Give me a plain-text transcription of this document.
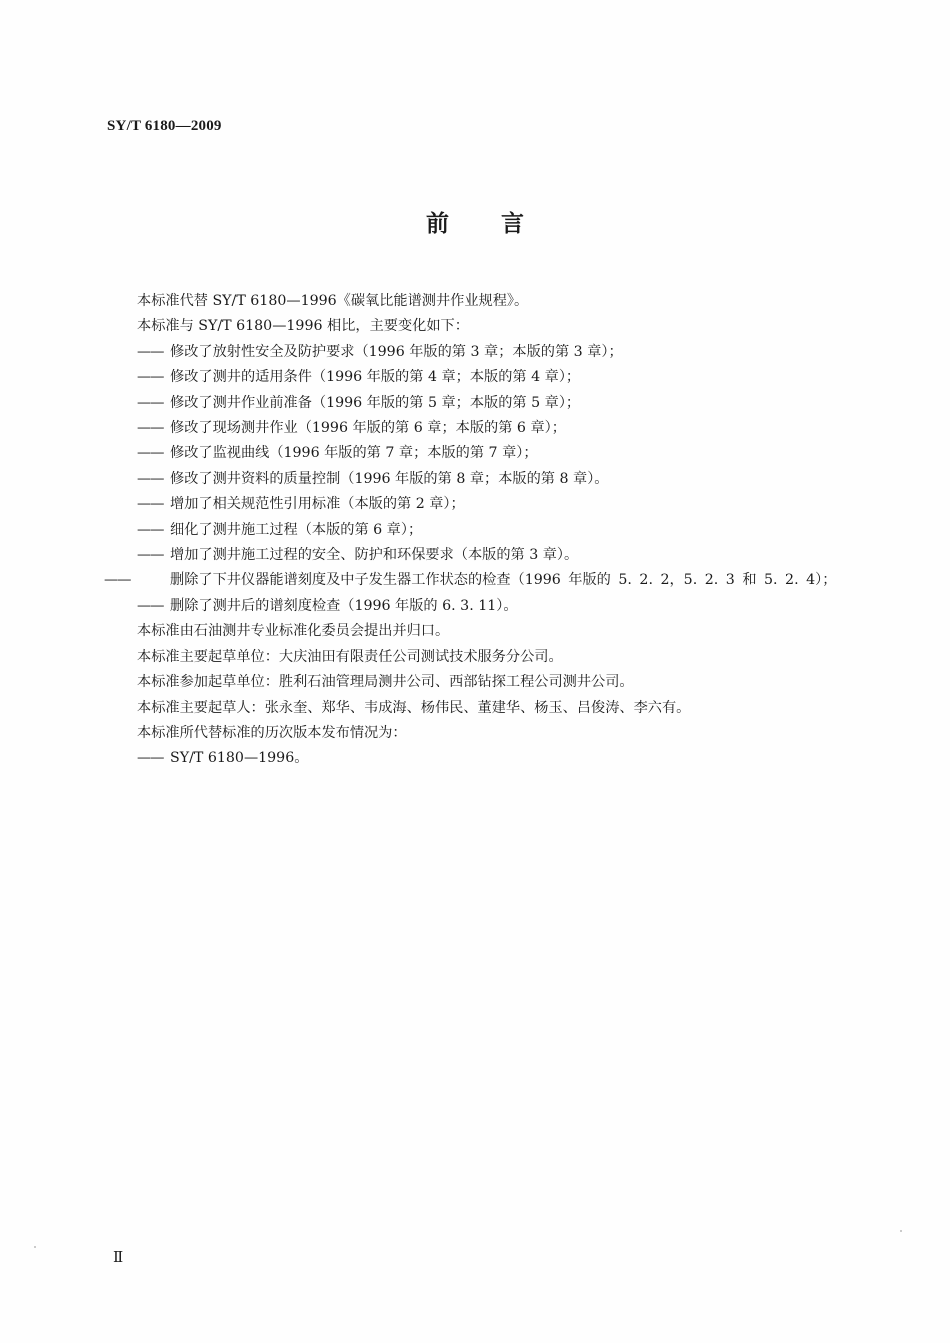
SY/T 6180—2009
前 言
本标准代替 SY/T 6180—1996《碳氧比能谱测井作业规程》。
本标准与 SY/T 6180—1996 相比，主要变化如下：
—— 修改了放射性安全及防护要求（1996 年版的第 3 章；本版的第 3 章）；
—— 修改了测井的适用条件（1996 年版的第 4 章；本版的第 4 章）；
—— 修改了测井作业前准备（1996 年版的第 5 章；本版的第 5 章）；
—— 修改了现场测井作业（1996 年版的第 6 章；本版的第 6 章）；
—— 修改了监视曲线（1996 年版的第 7 章；本版的第 7 章）；
—— 修改了测井资料的质量控制（1996 年版的第 8 章；本版的第 8 章）。
—— 增加了相关规范性引用标准（本版的第 2 章）；
—— 细化了测井施工过程（本版的第 6 章）；
—— 增加了测井施工过程的安全、防护和环保要求（本版的第 3 章）。
——	删除了下井仪器能谱刻度及中子发生器工作状态的检查（1996 年版的 5. 2. 2，5. 2. 3 和 5. 2. 4）；
—— 删除了测井后的谱刻度检查（1996 年版的 6. 3. 11）。
本标准由石油测井专业标准化委员会提出并归口。
本标准主要起草单位：大庆油田有限责任公司测试技术服务分公司。
本标准参加起草单位：胜利石油管理局测井公司、西部钻探工程公司测井公司。
本标准主要起草人：张永奎、郑华、韦成海、杨伟民、董建华、杨玉、吕俊涛、李六有。
本标准所代替标准的历次版本发布情况为：
—— SY/T 6180—1996。
Ⅱ
